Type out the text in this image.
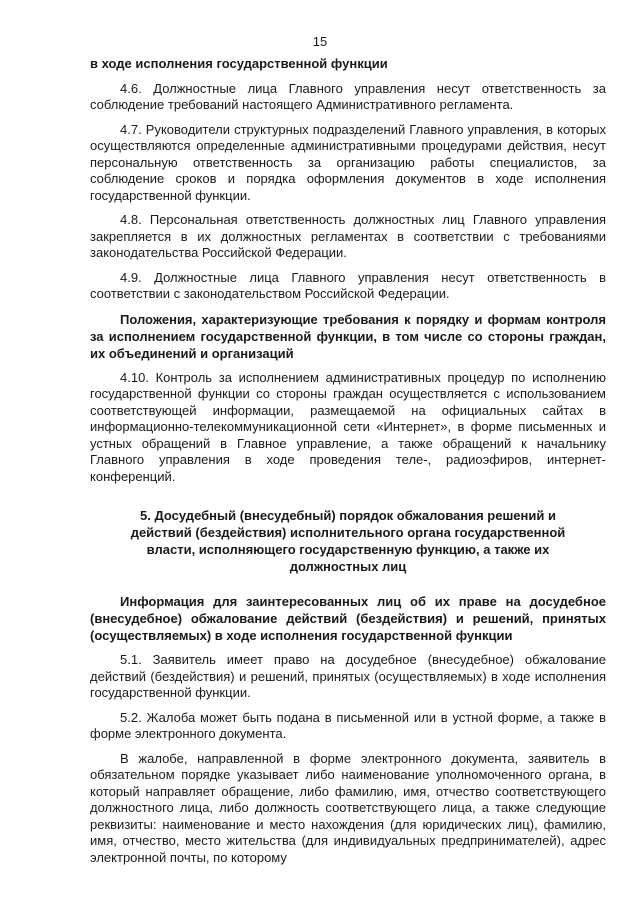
15

в ходе исполнения государственной функции

4.6. Должностные лица Главного управления несут ответственность за соблюдение требований настоящего Административного регламента.

4.7. Руководители структурных подразделений Главного управления, в которых осуществляются определенные административными процедурами действия, несут персональную ответственность за организацию работы специалистов, за соблюдение сроков и порядка оформления документов в ходе исполнения государственной функции.

4.8. Персональная ответственность должностных лиц Главного управления закрепляется в их должностных регламентах в соответствии с требованиями законодательства Российской Федерации.

4.9. Должностные лица Главного управления несут ответственность в соответствии с законодательством Российской Федерации.

Положения, характеризующие требования к порядку и формам контроля за исполнением государственной функции, в том числе со стороны граждан, их объединений и организаций

4.10. Контроль за исполнением административных процедур по исполнению государственной функции со стороны граждан осуществляется с использованием соответствующей информации, размещаемой на официальных сайтах в информационно-телекоммуникационной сети «Интернет», в форме письменных и устных обращений в Главное управление, а также обращений к начальнику Главного управления в ходе проведения теле-, радиоэфиров, интернет-конференций.

5. Досудебный (внесудебный) порядок обжалования решений и действий (бездействия) исполнительного органа государственной власти, исполняющего государственную функцию, а также их должностных лиц

Информация для заинтересованных лиц об их праве на досудебное (внесудебное) обжалование действий (бездействия) и решений, принятых (осуществляемых) в ходе исполнения государственной функции

5.1. Заявитель имеет право на досудебное (внесудебное) обжалование действий (бездействия) и решений, принятых (осуществляемых) в ходе исполнения государственной функции.

5.2. Жалоба может быть подана в письменной или в устной форме, а также в форме электронного документа.

В жалобе, направленной в форме электронного документа, заявитель в обязательном порядке указывает либо наименование уполномоченного органа, в который направляет обращение, либо фамилию, имя, отчество соответствующего должностного лица, либо должность соответствующего лица, а также следующие реквизиты: наименование и место нахождения (для юридических лиц), фамилию, имя, отчество, место жительства (для индивидуальных предпринимателей), адрес электронной почты, по которому
